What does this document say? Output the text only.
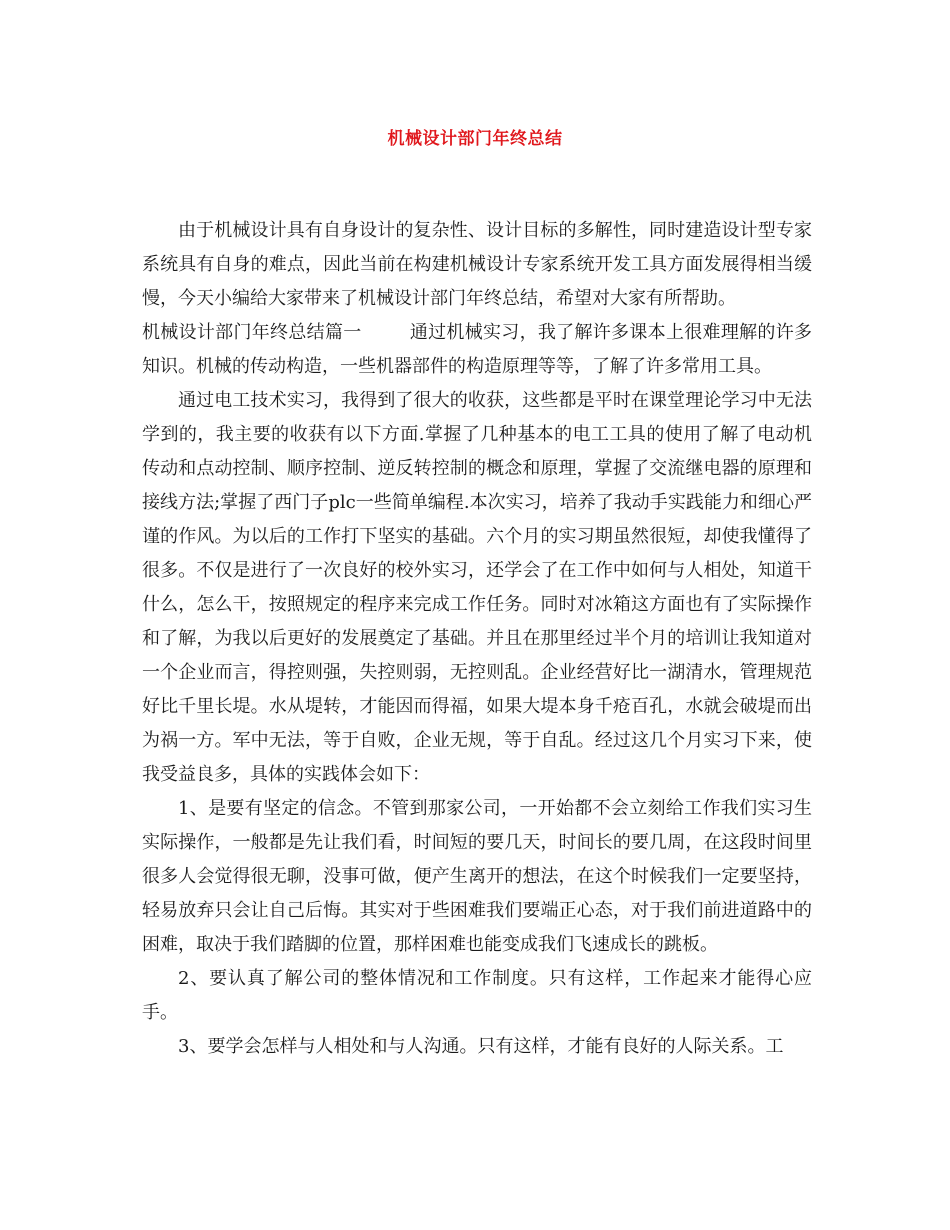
机械设计部门年终总结

由于机械设计具有自身设计的复杂性、设计目标的多解性，同时建造设计型专家系统具有自身的难点，因此当前在构建机械设计专家系统开发工具方面发展得相当缓慢，今天小编给大家带来了机械设计部门年终总结，希望对大家有所帮助。

机械设计部门年终总结篇一	通过机械实习，我了解许多课本上很难理解的许多知识。机械的传动构造，一些机器部件的构造原理等等，了解了许多常用工具。

通过电工技术实习，我得到了很大的收获，这些都是平时在课堂理论学习中无法学到的，我主要的收获有以下方面.掌握了几种基本的电工工具的使用了解了电动机传动和点动控制、顺序控制、逆反转控制的概念和原理，掌握了交流继电器的原理和接线方法;掌握了西门子plc一些简单编程.本次实习，培养了我动手实践能力和细心严谨的作风。为以后的工作打下坚实的基础。六个月的实习期虽然很短，却使我懂得了很多。不仅是进行了一次良好的校外实习，还学会了在工作中如何与人相处，知道干什么，怎么干，按照规定的程序来完成工作任务。同时对冰箱这方面也有了实际操作和了解，为我以后更好的发展奠定了基础。并且在那里经过半个月的培训让我知道对一个企业而言，得控则强，失控则弱，无控则乱。企业经营好比一湖清水，管理规范好比千里长堤。水从堤转，才能因而得福，如果大堤本身千疮百孔，水就会破堤而出为祸一方。军中无法，等于自败，企业无规，等于自乱。经过这几个月实习下来，使我受益良多，具体的实践体会如下：

1、是要有坚定的信念。不管到那家公司，一开始都不会立刻给工作我们实习生实际操作，一般都是先让我们看，时间短的要几天，时间长的要几周，在这段时间里很多人会觉得很无聊，没事可做，便产生离开的想法，在这个时候我们一定要坚持，轻易放弃只会让自己后悔。其实对于些困难我们要端正心态，对于我们前进道路中的困难，取决于我们踏脚的位置，那样困难也能变成我们飞速成长的跳板。

2、要认真了解公司的整体情况和工作制度。只有这样，工作起来才能得心应手。

3、要学会怎样与人相处和与人沟通。只有这样，才能有良好的人际关系。工
